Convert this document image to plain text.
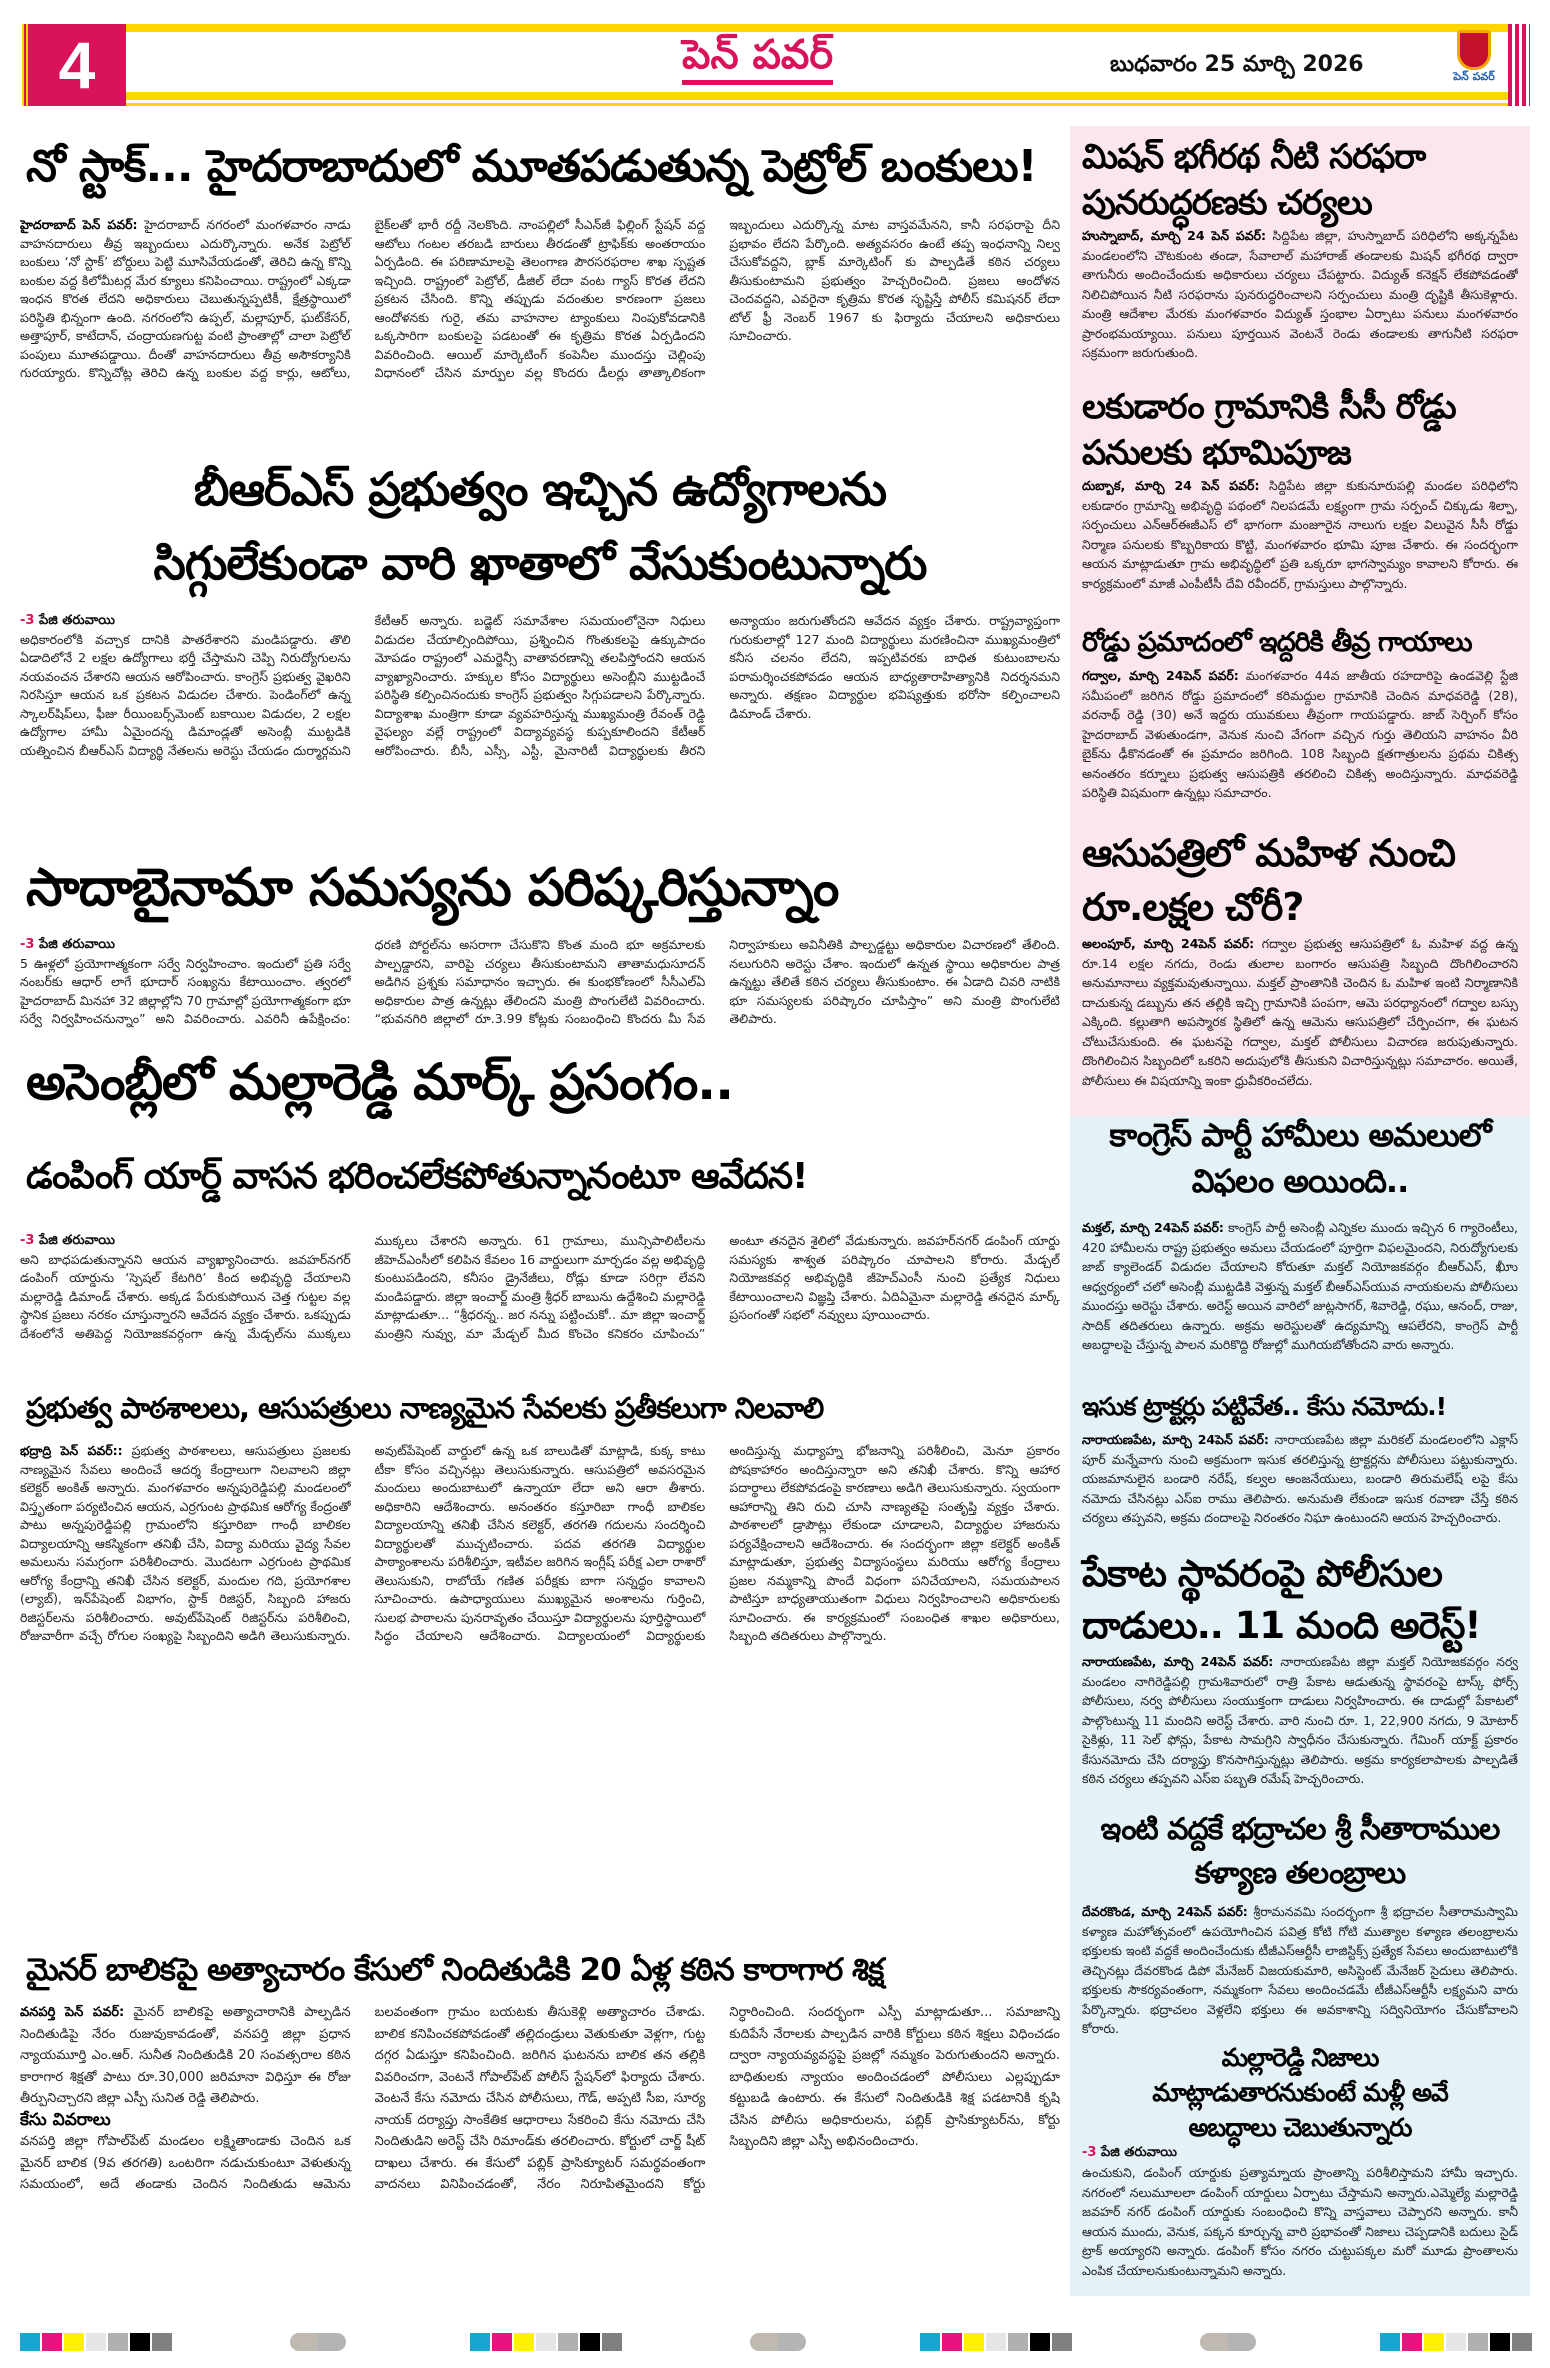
4	పెన్ పవర్	బుధవారం 25 మార్చి 2026	పెన్ పవర్
నో స్టాక్... హైదరాబాదులో మూతపడుతున్న పెట్రోల్ బంకులు!
హైదరాబాద్ పెన్ పవర్: హైదరాబాద్ నగరంలో మంగళవారం నాడు వాహనదారులు తీవ్ర ఇబ్బందులు ఎదుర్కొన్నారు. అనేక పెట్రోల్ బంకులు ‘నో స్టాక్’ బోర్డులు పెట్టి మూసివేయడంతో, తెరిచి ఉన్న కొన్ని బంకుల వద్ద కిలోమీటర్ల మేర క్యూలు కనిపించాయి. రాష్ట్రంలో ఎక్కడా ఇంధన కొరత లేదని అధికారులు చెబుతున్నప్పటికీ, క్షేత్రస్థాయిలో పరిస్థితి భిన్నంగా ఉంది. నగరంలోని ఉప్పల్, మల్లాపూర్, ఘట్‌కేసర్, అత్తాపూర్, కాటేదాన్, చంద్రాయణగుట్ట వంటి ప్రాంతాల్లో చాలా పెట్రోల్ పంపులు మూతపడ్డాయి. దీంతో వాహనదారులు తీవ్ర అసౌకర్యానికి గురయ్యారు. కొన్నిచోట్ల తెరిచి ఉన్న బంకుల వద్ద కార్లు, ఆటోలు, బైక్‌లతో భారీ రద్దీ నెలకొంది. నాంపల్లిలో సీఎన్‌జీ ఫిల్లింగ్ స్టేషన్ వద్ద ఆటోలు గంటల తరబడి బారులు తీరడంతో ట్రాఫిక్‌కు అంతరాయం ఏర్పడింది. ఈ పరిణామాలపై తెలంగాణ పౌరసరఫరాల శాఖ స్పష్టత ఇచ్చింది. రాష్ట్రంలో పెట్రోల్, డీజిల్ లేదా వంట గ్యాస్ కొరత లేదని ప్రకటన చేసింది. కొన్ని తప్పుడు వదంతుల కారణంగా ప్రజలు ఆందోళనకు గురై, తమ వాహనాల ట్యాంకులు నింపుకోవడానికి ఒక్కసారిగా బంకులపై పడటంతో ఈ కృత్రిమ కొరత ఏర్పడిందని వివరించింది. ఆయిల్ మార్కెటింగ్ కంపెనీల ముందస్తు చెల్లింపు విధానంలో చేసిన మార్పుల వల్ల కొందరు డీలర్లు తాత్కాలికంగా ఇబ్బందులు ఎదుర్కొన్న మాట వాస్తవమేనని, కానీ సరఫరాపై దీని ప్రభావం లేదని పేర్కొంది. అత్యవసరం ఉంటే తప్ప ఇంధనాన్ని నిల్వ చేసుకోవద్దని, బ్లాక్ మార్కెటింగ్ కు పాల్పడితే కఠిన చర్యలు తీసుకుంటామని ప్రభుత్వం హెచ్చరించింది. ప్రజలు ఆందోళన చెందవద్దని, ఎవరైనా కృత్రిమ కొరత సృష్టిస్తే పోలీస్ కమిషనర్ లేదా టోల్ ఫ్రీ నెంబర్ 1967 కు ఫిర్యాదు చేయాలని అధికారులు సూచించారు.
బీఆర్ఎస్ ప్రభుత్వం ఇచ్చిన ఉద్యోగాలను
సిగ్గులేకుండా వారి ఖాతాలో వేసుకుంటున్నారు
-3 పేజి తరువాయి
అధికారంలోకి వచ్చాక దానికి పాతరేశారని మండిపడ్డారు. తొలి ఏడాదిలోనే 2 లక్షల ఉద్యోగాలు భర్తీ చేస్తామని చెప్పి నిరుద్యోగులను నయవంచన చేశారని ఆయన ఆరోపించారు. కాంగ్రెస్ ప్రభుత్వ వైఖరిని నిరసిస్తూ ఆయన ఒక ప్రకటన విడుదల చేశారు. పెండింగ్‌లో ఉన్న స్కాలర్‌షిప్‌లు, ఫీజు రీయింబర్స్‌మెంట్ బకాయిల విడుదల, 2 లక్షల ఉద్యోగాల హామీ ఏమైందన్న డిమాండ్లతో అసెంబ్లీ ముట్టడికి యత్నించిన బీఆర్ఎస్ విద్యార్థి నేతలను అరెస్టు చేయడం దుర్మార్గమని కేటీఆర్ అన్నారు. బడ్జెట్ సమావేశాల సమయంలోనైనా నిధులు విడుదల చేయాల్సిందిపోయి, ప్రశ్నించిన గొంతుకలపై ఉక్కుపాదం మోపడం రాష్ట్రంలో ఎమర్జెన్సీ వాతావరణాన్ని తలపిస్తోందని ఆయన వ్యాఖ్యానించారు. హక్కుల కోసం విద్యార్థులు అసెంబ్లీని ముట్టడించే పరిస్థితి కల్పించినందుకు కాంగ్రెస్ ప్రభుత్వం సిగ్గుపడాలని పేర్కొన్నారు. విద్యాశాఖ మంత్రిగా కూడా వ్యవహరిస్తున్న ముఖ్యమంత్రి రేవంత్ రెడ్డి వైఫల్యం వల్లే రాష్ట్రంలో విద్యావ్యవస్థ కుప్పకూలిందని కేటీఆర్ ఆరోపించారు. బీసీ, ఎస్సీ, ఎస్టీ, మైనారిటీ విద్యార్థులకు తీరని అన్యాయం జరుగుతోందని ఆవేదన వ్యక్తం చేశారు. రాష్ట్రవ్యాప్తంగా గురుకులాల్లో 127 మంది విద్యార్థులు మరణించినా ముఖ్యమంత్రిలో కనీస చలనం లేదని, ఇప్పటివరకు బాధిత కుటుంబాలను పరామర్శించకపోవడం ఆయన బాధ్యతారాహిత్యానికి నిదర్శనమని అన్నారు. తక్షణం విద్యార్థుల భవిష్యత్తుకు భరోసా కల్పించాలని డిమాండ్ చేశారు.
సాదాబైనామా సమస్యను పరిష్కరిస్తున్నాం
-3 పేజి తరువాయి
5 ఊళ్లలో ప్రయోగాత్మకంగా సర్వే నిర్వహించాం. ఇందులో ప్రతి సర్వే నంబర్‌కు ఆధార్ లాగే భూదార్ సంఖ్యను కేటాయించాం. త్వరలో హైదరాబాద్ మినహా 32 జిల్లాల్లోని 70 గ్రామాల్లో ప్రయోగాత్మకంగా భూ సర్వే నిర్వహించనున్నాం” అని వివరించారు. ఎవరినీ ఉపేక్షించం: ధరణి పోర్టల్‌ను అసరాగా చేసుకొని కొంత మంది భూ అక్రమాలకు పాల్పడ్డారని, వారిపై చర్యలు తీసుకుంటామని తాతామధుసూదన్ అడిగిన ప్రశ్నకు సమాధానం ఇచ్చారు. ఈ కుంభకోణంలో సీసీఎల్ఏ అధికారుల పాత్ర ఉన్నట్లు తేలిందని మంత్రి పొంగులేటి వివరించారు. “భువనగిరి జిల్లాలో రూ.3.99 కోట్లకు సంబంధించి కొందరు మీ సేవ నిర్వాహకులు అవినీతికి పాల్పడ్డట్టు అధికారుల విచారణలో తేలింది. నలుగురిని అరెస్టు చేశాం. ఇందులో ఉన్నత స్థాయి అధికారుల పాత్ర ఉన్నట్టు తేలితే కఠిన చర్యలు తీసుకుంటాం. ఈ ఏడాది చివరి నాటికి భూ సమస్యలకు పరిష్కారం చూపిస్తాం” అని మంత్రి పొంగులేటి తెలిపారు.
అసెంబ్లీలో మల్లారెడ్డి మార్క్ ప్రసంగం..
డంపింగ్ యార్డ్ వాసన భరించలేకపోతున్నానంటూ ఆవేదన!
-3 పేజి తరువాయి
అని బాధపడుతున్నానని ఆయన వ్యాఖ్యానించారు. జవహర్‌నగర్ డంపింగ్ యార్డును ‘స్పెషల్ కేటగిరి’ కింద అభివృద్ధి చేయాలని మల్లారెడ్డి డిమాండ్ చేశారు. అక్కడ పేరుకుపోయిన చెత్త గుట్టల వల్ల స్థానిక ప్రజలు నరకం చూస్తున్నారని ఆవేదన వ్యక్తం చేశారు. ఒకప్పుడు దేశంలోనే అతిపెద్ద నియోజకవర్గంగా ఉన్న మేడ్చల్‌ను ముక్కలు ముక్కలు చేశారని అన్నారు. 61 గ్రామాలు, మున్సిపాలిటీలను జీహెచ్ఎంసీలో కలిపిన కేవలం 16 వార్డులుగా మార్చడం వల్ల అభివృద్ధి కుంటుపడిందని, కనీసం డ్రైనేజీలు, రోడ్లు కూడా సరిగ్గా లేవని మండిపడ్డారు. జిల్లా ఇంచార్జ్ మంత్రి శ్రీధర్ బాబును ఉద్దేశించి మల్లారెడ్డి మాట్లాడుతూ... “శ్రీధరన్న.. జర నన్ను పట్టించుకో.. మా జిల్లా ఇంచార్జ్ మంత్రిని నువ్వు, మా మేడ్చల్ మీద కొంచెం కనికరం చూపించు” అంటూ తనదైన శైలిలో వేడుకున్నారు. జవహర్‌నగర్ డంపింగ్ యార్డు సమస్యకు శాశ్వత పరిష్కారం చూపాలని కోరారు. మేడ్చల్ నియోజకవర్గ అభివృద్ధికి జీహెచ్ఎంసీ నుంచి ప్రత్యేక నిధులు కేటాయించాలని విజ్ఞప్తి చేశారు. ఏదిఏమైనా మల్లారెడ్డి తనదైన మార్క్ ప్రసంగంతో సభలో నవ్వులు పూయించారు.
ప్రభుత్వ పాఠశాలలు, ఆసుపత్రులు నాణ్యమైన సేవలకు ప్రతీకలుగా నిలవాలి
భద్రాద్రి పెన్ పవర్:: ప్రభుత్వ పాఠశాలలు, ఆసుపత్రులు ప్రజలకు నాణ్యమైన సేవలు అందించే ఆదర్శ కేంద్రాలుగా నిలవాలని జిల్లా కలెక్టర్ అంకిత్ అన్నారు. మంగళవారం అన్నపురెడ్డిపల్లి మండలంలో విస్తృతంగా పర్యటించిన ఆయన, ఎర్రగుంట ప్రాథమిక ఆరోగ్య కేంద్రంతో పాటు అన్నపురెడ్డిపల్లి గ్రామంలోని కస్తూరిబా గాంధీ బాలికల విద్యాలయాన్ని ఆకస్మికంగా తనిఖీ చేసి, విద్యా మరియు వైద్య సేవల అమలును సమగ్రంగా పరిశీలించారు. మొదటగా ఎర్రగుంట ప్రాథమిక ఆరోగ్య కేంద్రాన్ని తనిఖీ చేసిన కలెక్టర్, మందుల గది, ప్రయోగశాల (ల్యాబ్), ఇన్‌పేషెంట్ విభాగం, స్టాక్ రిజిస్టర్, సిబ్బంది హాజరు రిజిస్టర్‌లను పరిశీలించారు. అవుట్‌పేషెంట్ రిజిస్టర్‌ను పరిశీలించి, రోజువారీగా వచ్చే రోగుల సంఖ్యపై సిబ్బందిని అడిగి తెలుసుకున్నారు. అవుట్‌పేషెంట్ వార్డులో ఉన్న ఒక బాలుడితో మాట్లాడి, కుక్క కాటు టీకా కోసం వచ్చినట్లు తెలుసుకున్నారు. ఆసుపత్రిలో అవసరమైన మందులు అందుబాటులో ఉన్నాయా లేదా అని ఆరా తీశారు. అధికారిని ఆదేశించారు. అనంతరం కస్తూరిబా గాంధీ బాలికల విద్యాలయాన్ని తనిఖీ చేసిన కలెక్టర్, తరగతి గదులను సందర్శించి విద్యార్థులతో ముచ్చటించారు. పదవ తరగతి విద్యార్థుల పాఠ్యాంశాలను పరిశీలిస్తూ, ఇటీవల జరిగిన ఇంగ్లీష్ పరీక్ష ఎలా రాశారో తెలుసుకుని, రాబోయే గణిత పరీక్షకు బాగా సన్నద్ధం కావాలని సూచించారు. ఉపాధ్యాయులు ముఖ్యమైన అంశాలను గుర్తించి, సులభ పాఠాలను పునరావృతం చేయిస్తూ విద్యార్థులను పూర్తిస్థాయిలో సిద్ధం చేయాలని ఆదేశించారు. విద్యాలయంలో విద్యార్థులకు అందిస్తున్న మధ్యాహ్న భోజనాన్ని పరిశీలించి, మెనూ ప్రకారం పోషకాహారం అందిస్తున్నారా అని తనిఖీ చేశారు. కొన్ని ఆహార పదార్థాలు లేకపోవడంపై కారణాలు అడిగి తెలుసుకున్నారు. స్వయంగా ఆహారాన్ని తిని రుచి చూసి నాణ్యతపై సంతృప్తి వ్యక్తం చేశారు. పాఠశాలలో డ్రాపౌట్లు లేకుండా చూడాలని, విద్యార్థుల హాజరును పర్యవేక్షించాలని ఆదేశించారు. ఈ సందర్భంగా జిల్లా కలెక్టర్ అంకిత్ మాట్లాడుతూ, ప్రభుత్వ విద్యాసంస్థలు మరియు ఆరోగ్య కేంద్రాలు ప్రజల నమ్మకాన్ని పొందే విధంగా పనిచేయాలని, సమయపాలన పాటిస్తూ బాధ్యతాయుతంగా విధులు నిర్వహించాలని అధికారులకు సూచించారు. ఈ కార్యక్రమంలో సంబంధిత శాఖల అధికారులు, సిబ్బంది తదితరులు పాల్గొన్నారు.
మైనర్ బాలికపై అత్యాచారం కేసులో నిందితుడికి 20 ఏళ్ల కఠిన కారాగార శిక్ష
వనపర్తి పెన్ పవర్: మైనర్ బాలికపై అత్యాచారానికి పాల్పడిన నిందితుడిపై నేరం రుజువుకావడంతో, వనపర్తి జిల్లా ప్రధాన న్యాయమూర్తి ఎం.ఆర్. సునీత నిందితుడికి 20 సంవత్సరాల కఠిన కారాగార శిక్షతో పాటు రూ.30,000 జరిమానా విధిస్తూ ఈ రోజు తీర్పునిచ్చారని జిల్లా ఎస్పీ సునిత రెడ్డి తెలిపారు.
కేసు వివరాలు
వనపర్తి జిల్లా గోపాల్‌పేట్ మండలం లక్ష్మితాండాకు చెందిన ఒక మైనర్ బాలిక (9వ తరగతి) ఒంటరిగా నడుచుకుంటూ వెళుతున్న సమయంలో, అదే తండాకు చెందిన నిందితుడు ఆమెను బలవంతంగా గ్రామం బయటకు తీసుకెళ్లి అత్యాచారం చేశాడు. బాలిక కనిపించకపోవడంతో తల్లిదండ్రులు వెతుకుతూ వెళ్లగా, గుట్ట దగ్గర ఏడుస్తూ కనిపించింది. జరిగిన ఘటనను బాలిక తన తల్లికి వివరించగా, వెంటనే గోపాల్‌పేట్ పోలీస్ స్టేషన్‌లో ఫిర్యాదు చేశారు. వెంటనే కేసు నమోదు చేసిన పోలీసులు, గౌడ్, అప్పటి సీఐ, సూర్య నాయక్ దర్యాప్తు సాంకేతిక ఆధారాలు సేకరించి కేసు నమోదు చేసి నిందితుడిని అరెస్ట్ చేసి రిమాండ్‌కు తరలించారు. కోర్టులో చార్జ్ షీట్ దాఖలు చేశారు. ఈ కేసులో పబ్లిక్ ప్రాసిక్యూటర్ సమర్థవంతంగా వాదనలు వినిపించడంతో, నేరం నిరూపితమైందని కోర్టు నిర్ధారించింది. సందర్భంగా ఎస్పీ మాట్లాడుతూ... సమాజాన్ని కుదిపేసే నేరాలకు పాల్పడిన వారికి కోర్టులు కఠిన శిక్షలు విధించడం ద్వారా న్యాయవ్యవస్థపై ప్రజల్లో నమ్మకం పెరుగుతుందని అన్నారు. బాధితులకు న్యాయం అందించడంలో పోలీసులు ఎల్లప్పుడూ కట్టుబడి ఉంటారు. ఈ కేసులో నిందితుడికి శిక్ష పడటానికి కృషి చేసిన పోలీసు అధికారులను, పబ్లిక్ ప్రాసిక్యూటర్‌ను, కోర్టు సిబ్బందిని జిల్లా ఎస్పీ అభినందించారు.
మిషన్ భగీరథ నీటి సరఫరా పునరుద్ధరణకు చర్యలు
హుస్నాబాద్, మార్చి 24 పెన్ పవర్: సిద్దిపేట జిల్లా, హుస్నాబాద్ పరిధిలోని అక్కన్నపేట మండలంలోని చౌటకుంట తండా, సేవాలాల్ మహారాజ్ తండాలకు మిషన్ భగీరథ ద్వారా తాగునీరు అందించేందుకు అధికారులు చర్యలు చేపట్టారు. విద్యుత్ కనెక్షన్ లేకపోవడంతో నిలిచిపోయిన నీటి సరఫరాను పునరుద్ధరించాలని సర్పంచులు మంత్రి దృష్టికి తీసుకెళ్లారు. మంత్రి ఆదేశాల మేరకు మంగళవారం విద్యుత్ స్తంభాల ఏర్పాటు పనులు మంగళవారం ప్రారంభమయ్యాయి. పనులు పూర్తయిన వెంటనే రెండు తండాలకు తాగునీటి సరఫరా సక్రమంగా జరుగుతుంది.
లకుడారం గ్రామానికి సీసీ రోడ్డు పనులకు భూమిపూజ
దుబ్బాక, మార్చి 24 పెన్ పవర్: సిద్దిపేట జిల్లా కుకునూరుపల్లి మండల పరిధిలోని లకుడారం గ్రామాన్ని అభివృద్ధి పథంలో నిలపడమే లక్ష్యంగా గ్రామ సర్పంచ్ చిక్కుడు శిల్పా, సర్పంచులు ఎన్ఆర్ఈజీఎస్ లో భాగంగా మంజూరైన నాలుగు లక్షల విలువైన సీసీ రోడ్డు నిర్మాణ పనులకు కొబ్బరికాయ కొట్టి, మంగళవారం భూమి పూజ చేశారు. ఈ సందర్భంగా ఆయన మాట్లాడుతూ గ్రామ అభివృద్ధిలో ప్రతి ఒక్కరూ భాగస్వామ్యం కావాలని కోరారు. ఈ కార్యక్రమంలో మాజీ ఎంపీటీసీ దేవి రవీందర్, గ్రామస్తులు పాల్గొన్నారు.
రోడ్డు ప్రమాదంలో ఇద్దరికి తీవ్ర గాయాలు
గద్వాల, మార్చి 24పెన్ పవర్: మంగళవారం 44వ జాతీయ రహదారిపై ఉండవెల్లి స్టేజి సమీపంలో జరిగిన రోడ్డు ప్రమాదంలో కరిమద్దుల గ్రామానికి చెందిన మాధవరెడ్డి (28), వరనాథ్ రెడ్డి (30) అనే ఇద్దరు యువకులు తీవ్రంగా గాయపడ్డారు. జాబ్ సెర్చింగ్ కోసం హైదరాబాద్ వెళుతుండగా, వెనుక నుంచి వేగంగా వచ్చిన గుర్తు తెలియని వాహనం వీరి బైక్‌ను ఢీకొనడంతో ఈ ప్రమాదం జరిగింది. 108 సిబ్బంది క్షతగాత్రులను ప్రథమ చికిత్స అనంతరం కర్నూలు ప్రభుత్వ ఆసుపత్రికి తరలించి చికిత్స అందిస్తున్నారు. మాధవరెడ్డి పరిస్థితి విషమంగా ఉన్నట్లు సమాచారం.
ఆసుపత్రిలో మహిళ నుంచి రూ.లక్షల చోరీ?
అలంపూర్, మార్చి 24పెన్ పవర్: గద్వాల ప్రభుత్వ ఆసుపత్రిలో ఓ మహిళ వద్ద ఉన్న రూ.14 లక్షల నగదు, రెండు తులాల బంగారం ఆసుపత్రి సిబ్బంది దొంగిలించారని అనుమానాలు వ్యక్తమవుతున్నాయి. మక్తల్ ప్రాంతానికి చెందిన ఓ మహిళ ఇంటి నిర్మాణానికి దాచుకున్న డబ్బును తన తల్లికి ఇచ్చి గ్రామానికి పంపగా, ఆమె పరధ్యానంలో గద్వాల బస్సు ఎక్కింది. కల్లుతాగి అపస్మారక స్థితిలో ఉన్న ఆమెను ఆసుపత్రిలో చేర్పించగా, ఈ ఘటన చోటుచేసుకుంది. ఈ ఘటనపై గద్వాల, మక్తల్ పోలీసులు విచారణ జరుపుతున్నారు. దొంగిలించిన సిబ్బందిలో ఒకరిని అదుపులోకి తీసుకుని విచారిస్తున్నట్లు సమాచారం. అయితే, పోలీసులు ఈ విషయాన్ని ఇంకా ధ్రువీకరించలేదు.
కాంగ్రెస్ పార్టీ హామీలు అమలులో విఫలం అయింది..
మక్తల్, మార్చి 24పెన్ పవర్: కాంగ్రెస్ పార్టీ అసెంబ్లీ ఎన్నికల ముందు ఇచ్చిన 6 గ్యారెంటీలు, 420 హామీలను రాష్ట్ర ప్రభుత్వం అమలు చేయడంలో పూర్తిగా విఫలమైందని, నిరుద్యోగులకు జాబ్ క్యాలెండర్ విడుదల చేయాలని కోరుతూ మక్తల్ నియోజకవర్గం బీఆర్ఎస్, ఖీూు ఆధ్వర్యంలో చలో అసెంబ్లీ ముట్టడికి వెళ్తున్న మక్తల్ బీఆర్ఎస్‌యువ నాయకులను పోలీసులు ముందస్తు అరెస్టు చేశారు. అరెస్ట్ అయిన వారిలో జుట్లసాగర్, శివారెడ్డి, రఘు, ఆనంద్, రాజు, సాదిక్ తదితరులు ఉన్నారు. అక్రమ అరెస్టులతో ఉద్యమాన్ని ఆపలేరని, కాంగ్రెస్ పార్టీ అబద్ధాలపై చేస్తున్న పాలన మరికొద్ది రోజుల్లో ముగియబోతోందని వారు అన్నారు.
ఇసుక ట్రాక్టర్లు పట్టివేత.. కేసు నమోదు.!
నారాయణపేట, మార్చి 24పెన్ పవర్: నారాయణపేట జిల్లా మరికల్ మండలంలోని ఎక్లాస్ పూర్ మన్నేవాగు నుంచి అక్రమంగా ఇసుక తరలిస్తున్న ట్రాక్టర్లను పోలీసులు పట్టుకున్నారు. యజమానులైన బండారి నరేష్, కల్వల ఆంజనేయులు, బండారి తిరుమలేష్ లపై కేసు నమోదు చేసినట్లు ఎస్ఐ రాము తెలిపారు. అనుమతి లేకుండా ఇసుక రవాణా చేస్తే కఠిన చర్యలు తప్పవని, అక్రమ దందాలపై నిరంతరం నిఘా ఉంటుందని ఆయన హెచ్చరించారు.
పేకాట స్థావరంపై పోలీసుల దాడులు.. 11 మంది అరెస్ట్!
నారాయణపేట, మార్చి 24పెన్ పవర్: నారాయణపేట జిల్లా మక్తల్ నియోజకవర్గం నర్వ మండలం నాగిరెడ్డిపల్లి గ్రామశివారులో రాత్రి పేకాట ఆడుతున్న స్థావరంపై టాస్క్ ఫోర్స్ పోలీసులు, నర్వ పోలీసులు సంయుక్తంగా దాడులు నిర్వహించారు. ఈ దాడుల్లో పేకాటలో పాల్గొంటున్న 11 మందిని అరెస్ట్ చేశారు. వారి నుంచి రూ. 1, 22,900 నగదు, 9 మోటార్ సైకిళ్లు, 11 సెల్ ఫోన్లు, పేకాట సామగ్రిని స్వాధీనం చేసుకున్నారు. గేమింగ్ యాక్ట్ ప్రకారం కేసునమోదు చేసి దర్యాప్తు కొనసాగిస్తున్నట్లు తెలిపారు. అక్రమ కార్యకలాపాలకు పాల్పడితే కఠిన చర్యలు తప్పవని ఎస్ఐ పబ్బతి రమేష్ హెచ్చరించారు.
ఇంటి వద్దకే భద్రాచల శ్రీ సీతారాముల కళ్యాణ తలంబ్రాలు
దేవరకొండ, మార్చి 24పెన్ పవర్: శ్రీరామనవమి సందర్భంగా శ్రీ భద్రాచల సీతారామస్వామి కళ్యాణ మహోత్సవంలో ఉపయోగించిన పవిత్ర కోటి గోటి ముత్యాల కళ్యాణ తలంబ్రాలను భక్తులకు ఇంటి వద్దకే అందించేందుకు టీజీఎస్ఆర్టీసీ లాజిస్టిక్స్ ప్రత్యేక సేవలు అందుబాటులోకి తెచ్చినట్లు దేవరకొండ డిపో మేనేజర్ విజయకుమారి, అసిస్టెంట్ మేనేజర్ సైదులు తెలిపారు. భక్తులకు సౌకర్యవంతంగా, నమ్మకంగా సేవలు అందించడమే టీజీఎస్ఆర్టీసీ లక్ష్యమని వారు పేర్కొన్నారు. భద్రాచలం వెళ్లలేని భక్తులు ఈ అవకాశాన్ని సద్వినియోగం చేసుకోవాలని కోరారు.
మల్లారెడ్డి నిజాలు
మాట్లాడుతారనుకుంటే మళ్లీ అవే
అబద్ధాలు చెబుతున్నారు
-3 పేజి తరువాయి
ఉంచుకుని, డంపింగ్ యార్డుకు ప్రత్యామ్నాయ ప్రాంతాన్ని పరిశీలిస్తామని హామీ ఇచ్చారు. నగరంలో నలుమూలలా డంపింగ్ యార్డులు ఏర్పాటు చేస్తామని అన్నారు.ఎమ్మెల్యే మల్లారెడ్డి జవహర్ నగర్ డంపింగ్ యార్డుకు సంబంధించి కొన్ని వాస్తవాలు చెప్పారని అన్నారు. కానీ ఆయన ముందు, వెనుక, పక్కన కూర్చున్న వారి ప్రభావంతో నిజాలు చెప్పడానికి బదులు సైడ్ ట్రాక్ అయ్యారని అన్నారు. డంపింగ్ కోసం నగరం చుట్టుపక్కల మరో మూడు ప్రాంతాలను ఎంపిక చేయాలనుకుంటున్నామని అన్నారు.
